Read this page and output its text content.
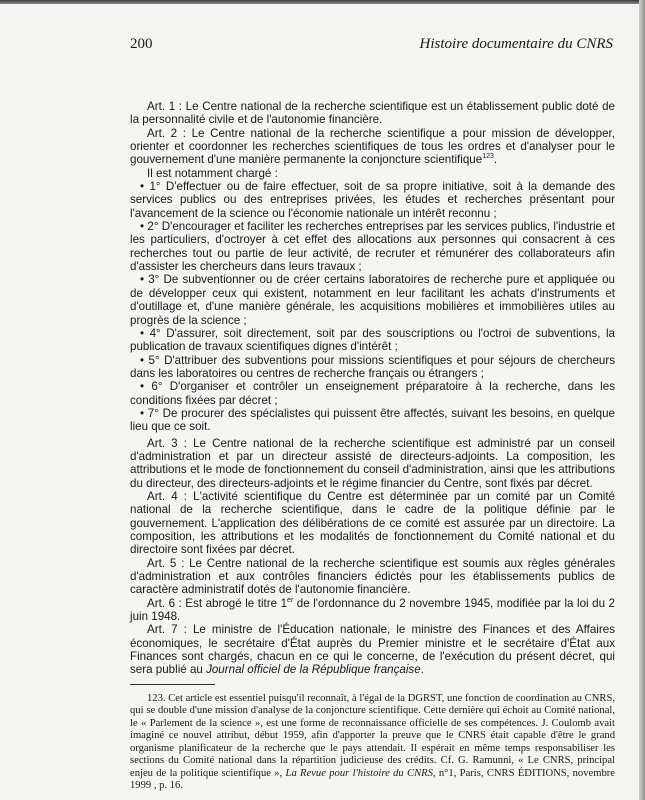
200	Histoire documentaire du CNRS

Art. 1 : Le Centre national de la recherche scientifique est un établissement public doté de la personnalité civile et de l'autonomie financière.

Art. 2 : Le Centre national de la recherche scientifique a pour mission de développer, orienter et coordonner les recherches scientifiques de tous les ordres et d'analyser pour le gouvernement d'une manière permanente la conjoncture scientifique$^{123}$.

Il est notamment chargé :

• 1° D'effectuer ou de faire effectuer, soit de sa propre initiative, soit à la demande des services publics ou des entreprises privées, les études et recherches présentant pour l'avancement de la science ou l'économie nationale un intérêt reconnu ;

• 2° D'encourager et faciliter les recherches entreprises par les services publics, l'industrie et les particuliers, d'octroyer à cet effet des allocations aux personnes qui consacrent à ces recherches tout ou partie de leur activité, de recruter et rémunérer des collaborateurs afin d'assister les chercheurs dans leurs travaux ;

• 3° De subventionner ou de créer certains laboratoires de recherche pure et appliquée ou de développer ceux qui existent, notamment en leur facilitant les achats d'instruments et d'outillage et, d'une manière générale, les acquisitions mobilières et immobilières utiles au progrès de la science ;

• 4° D'assurer, soit directement, soit par des souscriptions ou l'octroi de subventions, la publication de travaux scientifiques dignes d'intérêt ;

• 5° D'attribuer des subventions pour missions scientifiques et pour séjours de chercheurs dans les laboratoires ou centres de recherche français ou étrangers ;

• 6° D'organiser et contrôler un enseignement préparatoire à la recherche, dans les conditions fixées par décret ;

• 7° De procurer des spécialistes qui puissent être affectés, suivant les besoins, en quelque lieu que ce soit.

Art. 3 : Le Centre national de la recherche scientifique est administré par un conseil d'administration et par un directeur assisté de directeurs-adjoints. La composition, les attributions et le mode de fonctionnement du conseil d'administration, ainsi que les attributions du directeur, des directeurs-adjoints et le régime financier du Centre, sont fixés par décret.

Art. 4 : L'activité scientifique du Centre est déterminée par un comité par un Comité national de la recherche scientifique, dans le cadre de la politique définie par le gouvernement. L'application des délibérations de ce comité est assurée par un directoire. La composition, les attributions et les modalités de fonctionnement du Comité national et du directoire sont fixées par décret.

Art. 5 : Le Centre national de la recherche scientifique est soumis aux règles générales d'administration et aux contrôles financiers édictés pour les établissements publics de caractère administratif dotés de l'autonomie financière.

Art. 6 : Est abrogé le titre 1er de l'ordonnance du 2 novembre 1945, modifiée par la loi du 2 juin 1948.

Art. 7 : Le ministre de l'Éducation nationale, le ministre des Finances et des Affaires économiques, le secrétaire d'État auprès du Premier ministre et le secrétaire d'État aux Finances sont chargés, chacun en ce qui le concerne, de l'exécution du présent décret, qui sera publié au Journal officiel de la République française.

123. Cet article est essentiel puisqu'il reconnaît, à l'égal de la DGRST, une fonction de coordination au CNRS, qui se double d'une mission d'analyse de la conjoncture scientifique. Cette dernière qui échoit au Comité national, le « Parlement de la science », est une forme de reconnaissance officielle de ses compétences. J. Coulomb avait imaginé ce nouvel attribut, début 1959, afin d'apporter la preuve que le CNRS était capable d'être le grand organisme planificateur de la recherche que le pays attendait. Il espérait en même temps responsabiliser les sections du Comité national dans la répartition judicieuse des crédits. Cf. G. Ramunni, « Le CNRS, principal enjeu de la politique scientifique », La Revue pour l'histoire du CNRS, n°1, Paris, CNRS ÉDITIONS, novembre 1999 , p. 16.
